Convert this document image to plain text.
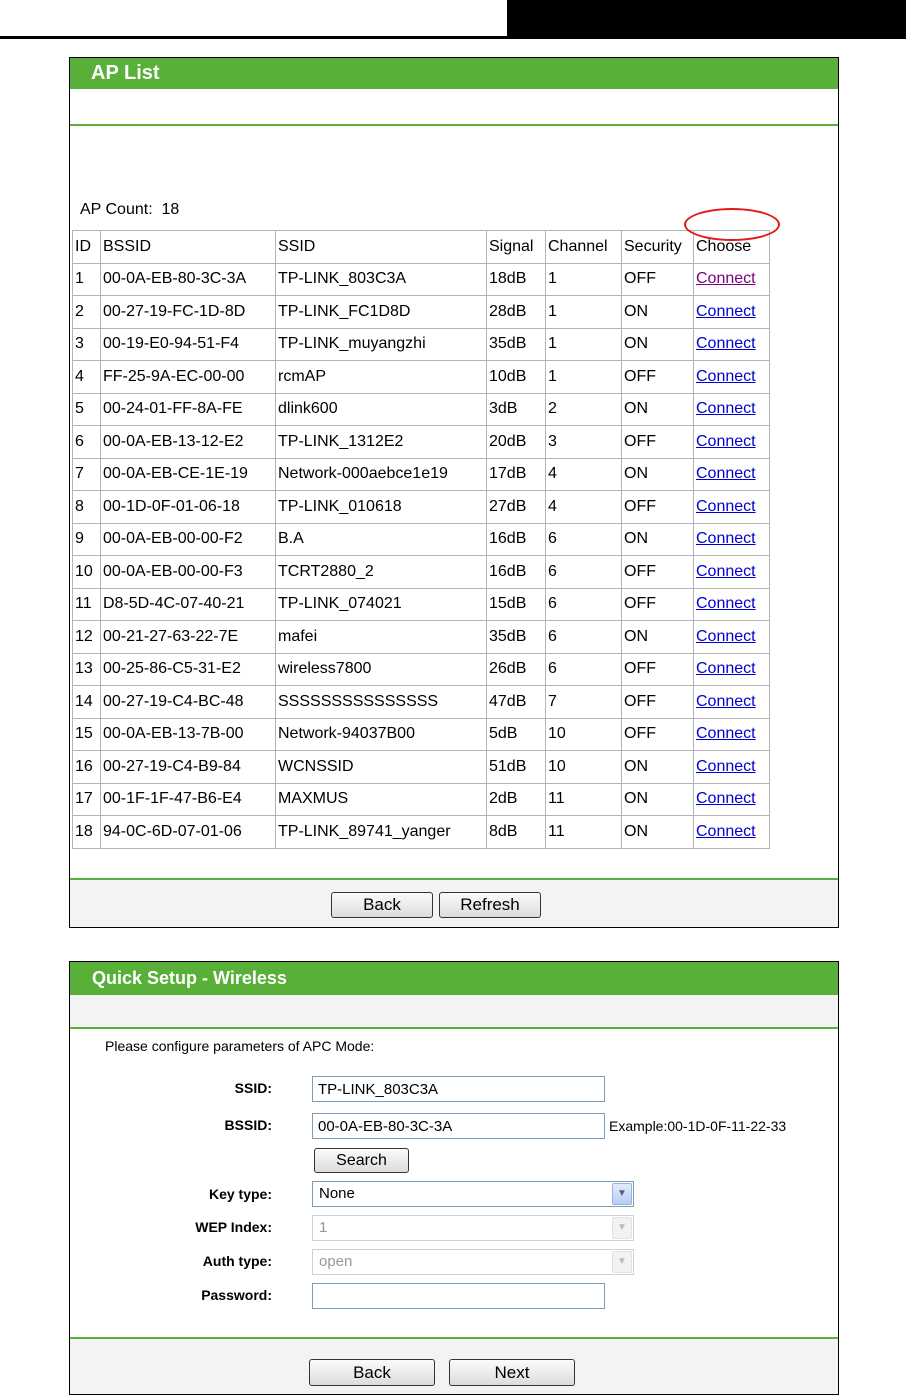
AP List
AP Count: 18
ID	BSSID	SSID	Signal	Channel	Security	Choose
1	00-0A-EB-80-3C-3A	TP-LINK_803C3A	18dB	1	OFF	Connect
2	00-27-19-FC-1D-8D	TP-LINK_FC1D8D	28dB	1	ON	Connect
3	00-19-E0-94-51-F4	TP-LINK_muyangzhi	35dB	1	ON	Connect
4	FF-25-9A-EC-00-00	rcmAP	10dB	1	OFF	Connect
5	00-24-01-FF-8A-FE	dlink600	3dB	2	ON	Connect
6	00-0A-EB-13-12-E2	TP-LINK_1312E2	20dB	3	OFF	Connect
7	00-0A-EB-CE-1E-19	Network-000aebce1e19	17dB	4	ON	Connect
8	00-1D-0F-01-06-18	TP-LINK_010618	27dB	4	OFF	Connect
9	00-0A-EB-00-00-F2	B.A	16dB	6	ON	Connect
10	00-0A-EB-00-00-F3	TCRT2880_2	16dB	6	OFF	Connect
11	D8-5D-4C-07-40-21	TP-LINK_074021	15dB	6	OFF	Connect
12	00-21-27-63-22-7E	mafei	35dB	6	ON	Connect
13	00-25-86-C5-31-E2	wireless7800	26dB	6	OFF	Connect
14	00-27-19-C4-BC-48	SSSSSSSSSSSSSSS	47dB	7	OFF	Connect
15	00-0A-EB-13-7B-00	Network-94037B00	5dB	10	OFF	Connect
16	00-27-19-C4-B9-84	WCNSSID	51dB	10	ON	Connect
17	00-1F-1F-47-B6-E4	MAXMUS	2dB	11	ON	Connect
18	94-0C-6D-07-01-06	TP-LINK_89741_yanger	8dB	11	ON	Connect
Back	Refresh
Quick Setup - Wireless
Please configure parameters of APC Mode:
SSID:
TP-LINK_803C3A
BSSID:
00-0A-EB-80-3C-3A	Example:00-1D-0F-11-22-33
Search
Key type:	None	▼
WEP Index:	1	▼
Auth type:	open	▼
Password:
Back	Next
